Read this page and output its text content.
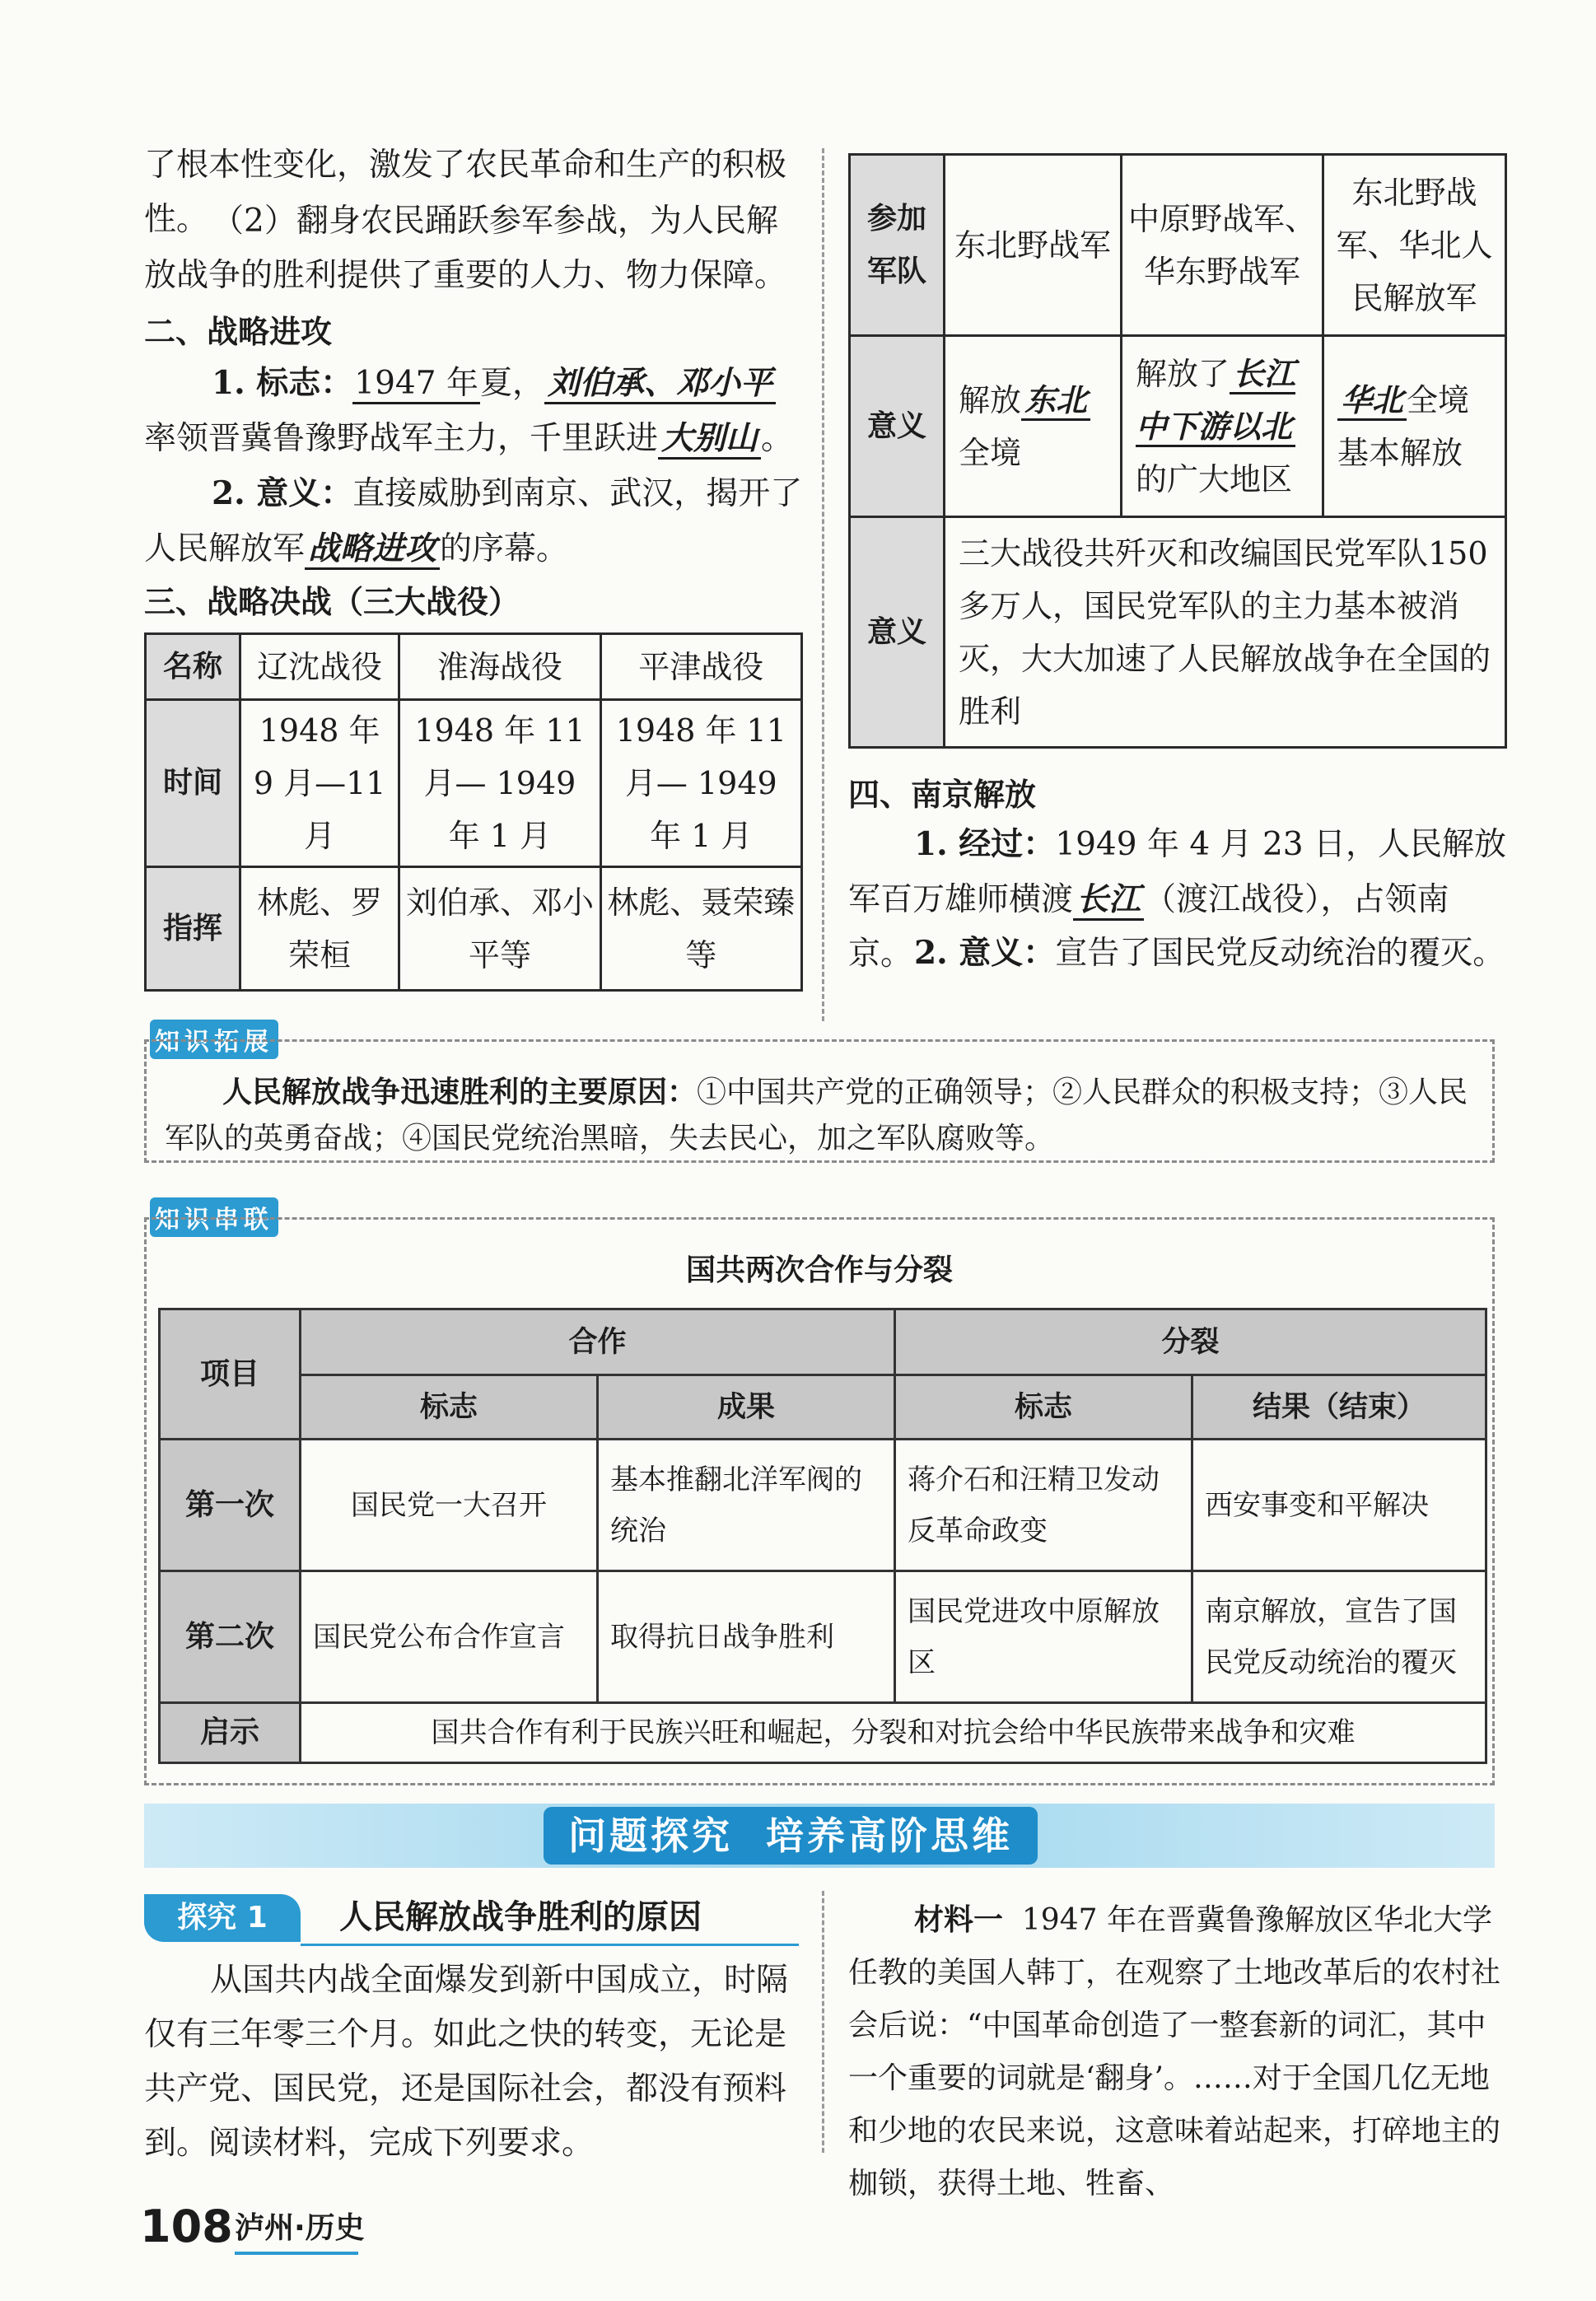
了根本性变化，激发了农民革命和生产的积极性。 （2）翻身农民踊跃参军参战，为人民解放战争的胜利提供了重要的人力、物力保障。
二、战略进攻
1. 标志：1947 年夏， 刘伯承、邓小平率领晋冀鲁豫野战军主力，千里跃进 大别山 。
2. 意义：直接威胁到南京、武汉，揭开了人民解放军 战略进攻 的序幕。
三、战略决战（三大战役）
名称	辽沈战役	淮海战役	平津战役
时间	1948 年 9 月—11 月	1948 年 11 月— 1949 年 1 月	1948 年 11 月— 1949 年 1 月
指挥	林彪、罗荣桓	刘伯承、邓小平等	林彪、聂荣臻等
参加军队	东北野战军	中原野战军、华东野战军	东北野战军、华北人民解放军
意义	解放 东北全境	解放了 长江中下游以北的广大地区	华北 全境基本解放
意义	三大战役共歼灭和改编国民党军队150多万人，国民党军队的主力基本被消灭，大大加速了人民解放战争在全国的胜利		
四、南京解放
1. 经过：1949 年 4 月 23 日，人民解放军百万雄师横渡 长江 （渡江战役），占领南京。 2. 意义：宣告了国民党反动统治的覆灭。
知识拓展
人民解放战争迅速胜利的主要原因：①中国共产党的正确领导；②人民群众的积极支持；③人民军队的英勇奋战；④国民党统治黑暗，失去民心，加之军队腐败等。
知识串联
国共两次合作与分裂
项目	合作		分裂	
	标志	成果	标志	结果（结束）
第一次	国民党一大召开	基本推翻北洋军阀的统治	蒋介石和汪精卫发动反革命政变	西安事变和平解决
第二次	国民党公布合作宣言	取得抗日战争胜利	国民党进攻中原解放区	南京解放，宣告了国民党反动统治的覆灭
启示	国共合作有利于民族兴旺和崛起，分裂和对抗会给中华民族带来战争和灾难			
问题探究  培养高阶思维
探究 1	人民解放战争胜利的原因
从国共内战全面爆发到新中国成立，时隔仅有三年零三个月。如此之快的转变，无论是共产党、国民党，还是国际社会，都没有预料到。阅读材料，完成下列要求。
材料一 1947 年在晋冀鲁豫解放区华北大学任教的美国人韩丁，在观察了土地改革后的农村社会后说：“中国革命创造了一整套新的词汇，其中一个重要的词就是‘翻身’。……对于全国几亿无地和少地的农民来说，这意味着站起来，打碎地主的枷锁，获得土地、牲畜、
108 泸州·历史
